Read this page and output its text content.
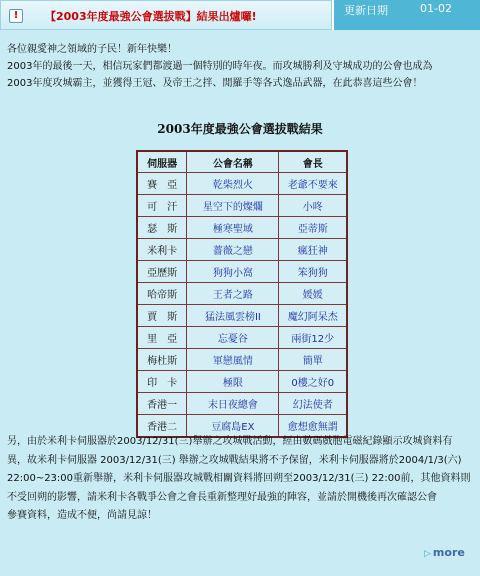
!	【2003年度最強公會選拔戰】結果出爐囉!	更新日期	01-02
各位親愛神之領域的子民！新年快樂！
2003年的最後一天，相信玩家們都渡過一個特別的時年夜。而攻城勝利及守城成功的公會也成為
2003年度攻城霸主，並獲得王冠、及帝王之拌、閒羅手等各式逸品武器，在此恭喜這些公會！
2003年度最強公會選拔戰結果
伺服器	公會名稱	會長
賽　亞	乾柴烈火	老爺不要來
可　汗	星空下的燦爛	小咚
瑟　斯	極寒聖域	亞蒂斯
米利卡	薔薇之戀	瘋狂神
亞歷斯	狗狗小窩	笨狗狗
哈帝斯	王者之路	媛媛
賈　斯	猛法風雲榜II	魔幻阿呆杰
里　亞	忘憂谷	兩街12少
梅杜斯	軍戀風情	簡單
印　卡	極限	0樓之好0
香港一	末日夜總會	幻法使者
香港二	豆腐島EX	愈想愈無謂
另，由於米利卡伺服器於2003/12/31(三)舉辦之攻城戰活動，經由數碼戲胞電磁紀錄顯示攻城資料有
異，故米利卡伺服器 2003/12/31(三) 舉辦之攻城戰結果將不予保留，米利卡伺服器將於2004/1/3(六)
22:00~23:00重新舉辦，米利卡伺服器攻城戰相關資料將回朔至2003/12/31(三) 22:00前，其他資料則
不受回朔的影響，請米利卡各戰爭公會之會長重新整理好最強的陣容，並請於開機後再次確認公會
參賽資料，造成不便，尚請見諒！
▷ more
